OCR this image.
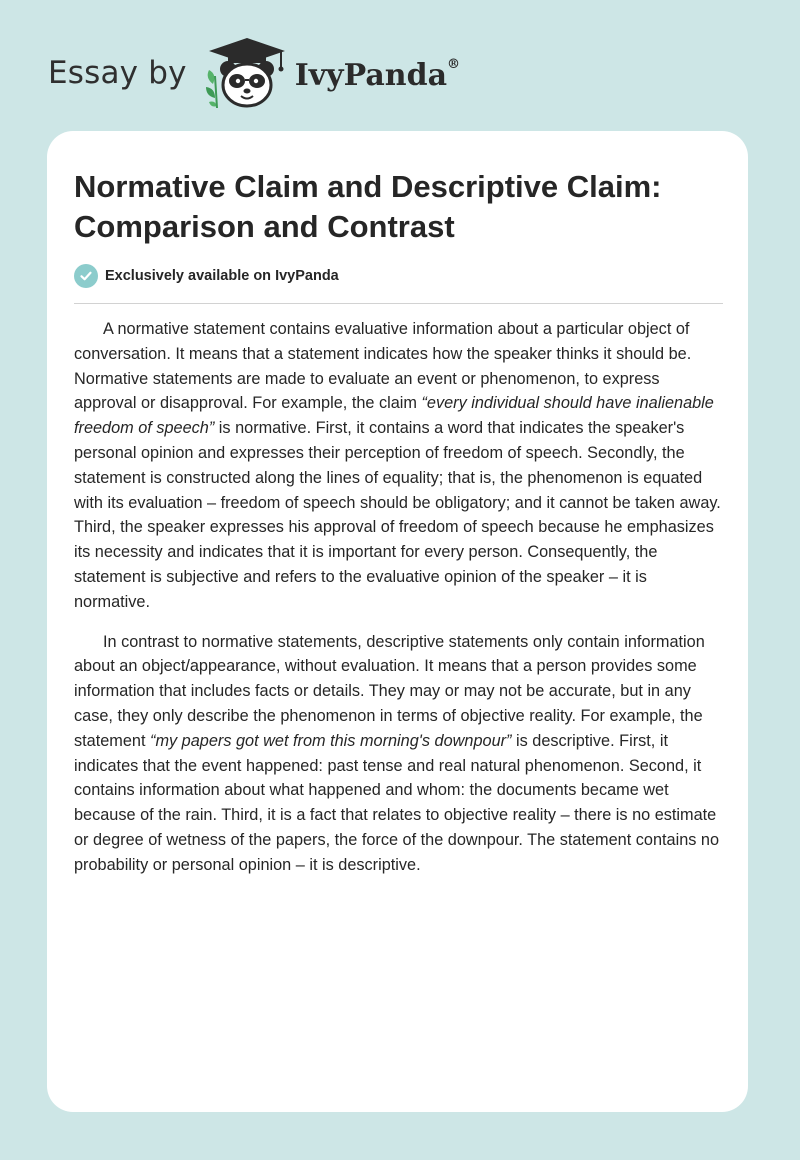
Essay by	IvyPanda®
Normative Claim and Descriptive Claim: Comparison and Contrast
Exclusively available on IvyPanda

A normative statement contains evaluative information about a particular object of conversation. It means that a statement indicates how the speaker thinks it should be. Normative statements are made to evaluate an event or phenomenon, to express approval or disapproval. For example, the claim “every individual should have inalienable freedom of speech” is normative. First, it contains a word that indicates the speaker's personal opinion and expresses their perception of freedom of speech. Secondly, the statement is constructed along the lines of equality; that is, the phenomenon is equated with its evaluation – freedom of speech should be obligatory; and it cannot be taken away. Third, the speaker expresses his approval of freedom of speech because he emphasizes its necessity and indicates that it is important for every person. Consequently, the statement is subjective and refers to the evaluative opinion of the speaker – it is normative.

In contrast to normative statements, descriptive statements only contain information about an object/appearance, without evaluation. It means that a person provides some information that includes facts or details. They may or may not be accurate, but in any case, they only describe the phenomenon in terms of objective reality. For example, the statement “my papers got wet from this morning's downpour” is descriptive. First, it indicates that the event happened: past tense and real natural phenomenon. Second, it contains information about what happened and whom: the documents became wet because of the rain. Third, it is a fact that relates to objective reality – there is no estimate or degree of wetness of the papers, the force of the downpour. The statement contains no probability or personal opinion – it is descriptive.
